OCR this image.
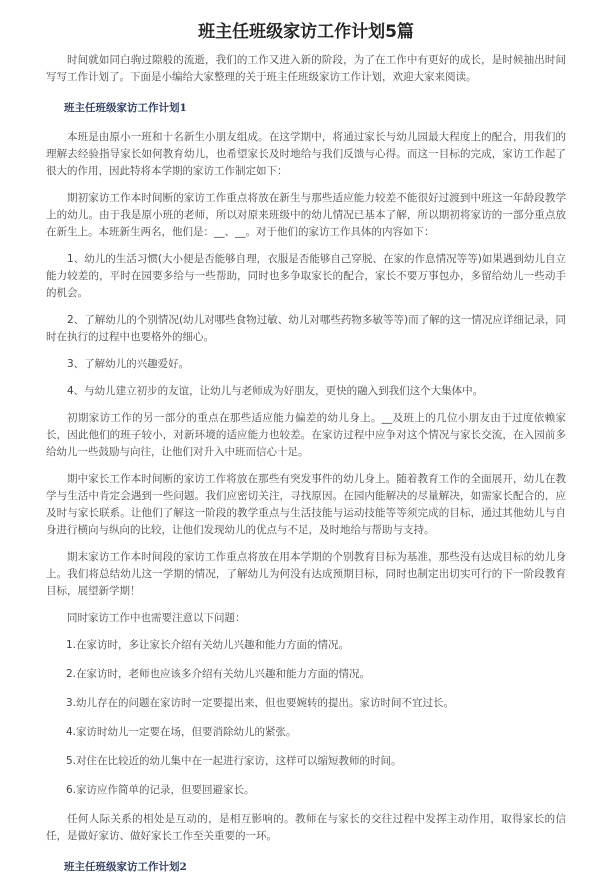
班主任班级家访工作计划5篇
时间就如同白驹过隙般的流逝，我们的工作又进入新的阶段，为了在工作中有更好的成长，是时候抽出时间写写工作计划了。下面是小编给大家整理的关于班主任班级家访工作计划，欢迎大家来阅读。
班主任班级家访工作计划1
本班是由原小一班和十名新生小朋友组成。在这学期中，将通过家长与幼儿园最大程度上的配合，用我们的理解去经验指导家长如何教育幼儿，也希望家长及时地给与我们反馈与心得。而这一目标的完成，家访工作起了很大的作用，因此特将本学期的家访工作制定如下：
期初家访工作本时间断的家访工作重点将放在新生与那些适应能力较差不能很好过渡到中班这一年龄段教学上的幼儿。由于我是原小班的老师，所以对原来班级中的幼儿情况已基本了解，所以期初将家访的一部分重点放在新生上。本班新生两名，他们是：__、__。对于他们的家访工作具体的内容如下：
1、幼儿的生活习惯(大小便是否能够自理，衣服是否能够自己穿脱、在家的作息情况等等)如果遇到幼儿自立能力较差的，平时在园要多给与一些帮助，同时也多争取家长的配合，家长不要万事包办，多留给幼儿一些动手的机会。
2、了解幼儿的个别情况(幼儿对哪些食物过敏、幼儿对哪些药物多敏等等)而了解的这一情况应详细记录，同时在执行的过程中也要格外的细心。
3、了解幼儿的兴趣爱好。
4、与幼儿建立初步的友谊，让幼儿与老师成为好朋友，更快的融入到我们这个大集体中。
初期家访工作的另一部分的重点在那些适应能力偏差的幼儿身上。__及班上的几位小朋友由于过度依赖家长，因此他们的班子较小，对新环境的适应能力也较差。在家访过程中应争对这个情况与家长交流，在入园前多给幼儿一些鼓励与向往，让他们对升入中班而信心十足。
期中家长工作本时间断的家访工作将放在那些有突发事件的幼儿身上。随着教育工作的全面展开，幼儿在教学与生活中肯定会遇到一些问题。我们应密切关注，寻找原因。在园内能解决的尽量解决，如需家长配合的，应及时与家长联系。让他们了解这一阶段的教学重点与生活技能与运动技能等等须完成的目标，通过其他幼儿与自身进行横向与纵向的比较，让他们发现幼儿的优点与不足，及时地给与帮助与支持。
期末家访工作本时间段的家访工作重点将放在用本学期的个别教育目标为基准，那些没有达成目标的幼儿身上。我们将总结幼儿这一学期的情况，了解幼儿为何没有达成预期目标，同时也制定出切实可行的下一阶段教育目标，展望新学期！
同时家访工作中也需要注意以下问题：
1.在家访时，多让家长介绍有关幼儿兴趣和能力方面的情况。
2.在家访时，老师也应该多介绍有关幼儿兴趣和能力方面的情况。
3.幼儿存在的问题在家访时一定要提出来，但也要婉转的提出。家访时间不宜过长。
4.家访时幼儿一定要在场，但要消除幼儿的紧张。
5.对住在比较近的幼儿集中在一起进行家访，这样可以缩短教师的时间。
6.家访应作简单的记录，但要回避家长。
任何人际关系的相处是互动的，是相互影响的。教师在与家长的交往过程中发挥主动作用，取得家长的信任，是做好家访、做好家长工作至关重要的一环。
班主任班级家访工作计划2
